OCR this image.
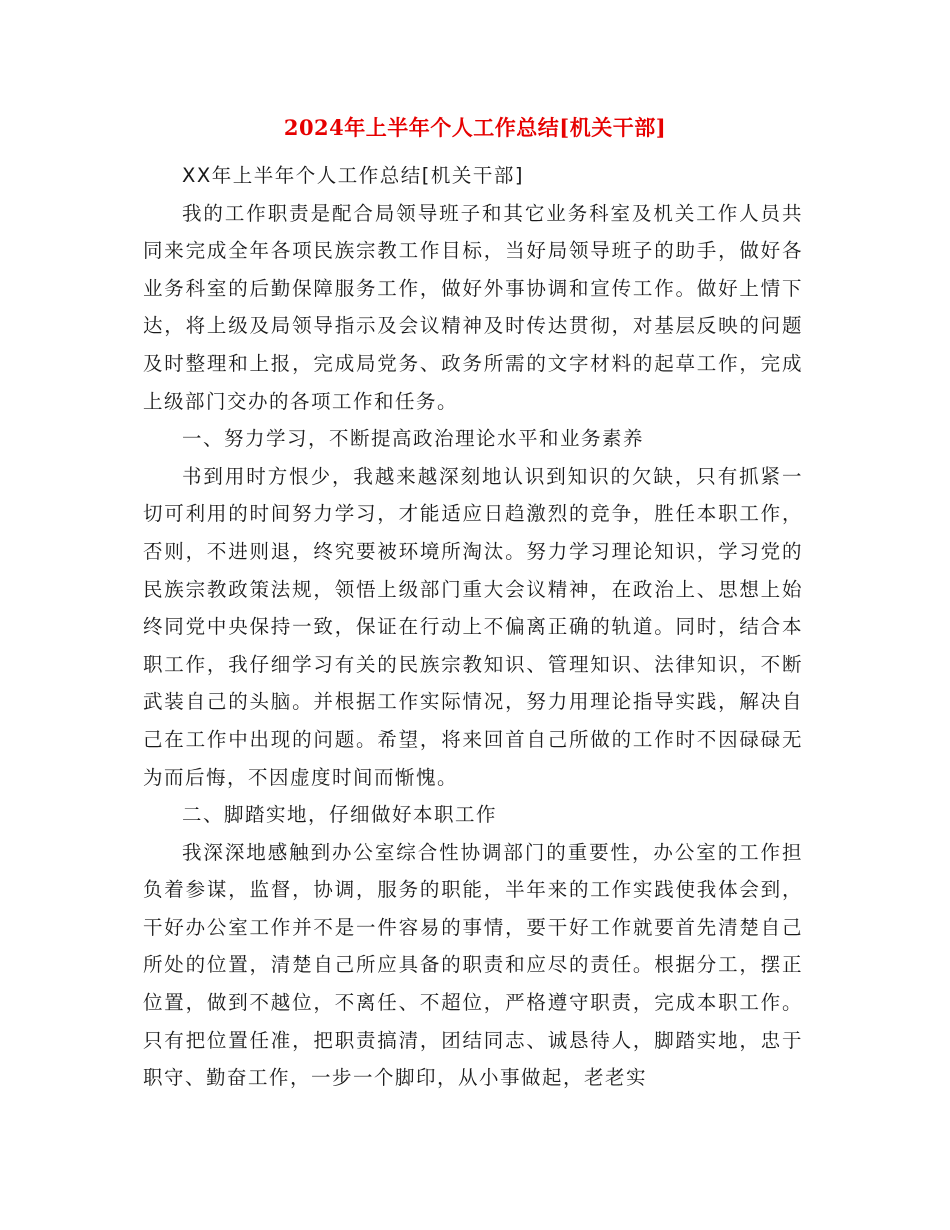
2024年上半年个人工作总结[机关干部]

XX年上半年个人工作总结[机关干部]

我的工作职责是配合局领导班子和其它业务科室及机关工作人员共同来完成全年各项民族宗教工作目标，当好局领导班子的助手，做好各业务科室的后勤保障服务工作，做好外事协调和宣传工作。做好上情下达，将上级及局领导指示及会议精神及时传达贯彻，对基层反映的问题及时整理和上报，完成局党务、政务所需的文字材料的起草工作，完成上级部门交办的各项工作和任务。

一、努力学习，不断提高政治理论水平和业务素养

书到用时方恨少，我越来越深刻地认识到知识的欠缺，只有抓紧一切可利用的时间努力学习，才能适应日趋激烈的竞争，胜任本职工作，否则，不进则退，终究要被环境所淘汰。努力学习理论知识，学习党的民族宗教政策法规，领悟上级部门重大会议精神，在政治上、思想上始终同党中央保持一致，保证在行动上不偏离正确的轨道。同时，结合本职工作，我仔细学习有关的民族宗教知识、管理知识、法律知识，不断武装自己的头脑。并根据工作实际情况，努力用理论指导实践，解决自己在工作中出现的问题。希望，将来回首自己所做的工作时不因碌碌无为而后悔，不因虚度时间而惭愧。

二、脚踏实地，仔细做好本职工作

我深深地感触到办公室综合性协调部门的重要性，办公室的工作担负着参谋，监督，协调，服务的职能，半年来的工作实践使我体会到，干好办公室工作并不是一件容易的事情，要干好工作就要首先清楚自己所处的位置，清楚自己所应具备的职责和应尽的责任。根据分工，摆正位置，做到不越位，不离任、不超位，严格遵守职责，完成本职工作。只有把位置任准，把职责搞清，团结同志、诚恳待人，脚踏实地，忠于职守、勤奋工作，一步一个脚印，从小事做起，老老实
